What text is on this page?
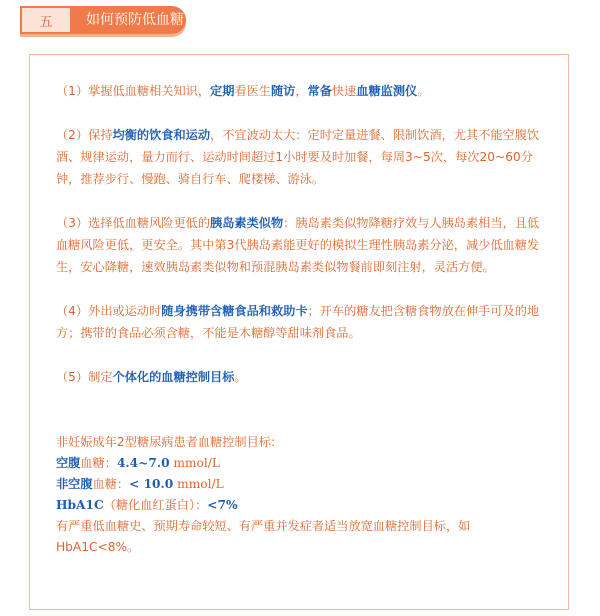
五	如何预防低血糖

（1）掌握低血糖相关知识，定期看医生随访，常备快速血糖监测仪。

（2）保持均衡的饮食和运动，不宜波动太大：定时定量进餐、限制饮酒，尤其不能空腹饮酒、规律运动，量力而行、运动时间超过1小时要及时加餐，每周3~5次，每次20~60分钟，推荐步行、慢跑、骑自行车、爬楼梯、游泳。

（3）选择低血糖风险更低的胰岛素类似物：胰岛素类似物降糖疗效与人胰岛素相当，且低血糖风险更低，更安全。其中第3代胰岛素能更好的模拟生理性胰岛素分泌，减少低血糖发生，安心降糖，速效胰岛素类似物和预混胰岛素类似物餐前即刻注射，灵活方便。

（4）外出或运动时随身携带含糖食品和救助卡；开车的糖友把含糖食物放在伸手可及的地方；携带的食品必须含糖，不能是木糖醇等甜味剂食品。

（5）制定个体化的血糖控制目标。

非妊娠成年2型糖尿病患者血糖控制目标:
空腹血糖：4.4~7.0 mmol/L
非空腹血糖：< 10.0 mmol/L
HbA1C（糖化血红蛋白）：<7%
有严重低血糖史、预期寿命较短、有严重并发症者适当放宽血糖控制目标，如HbA1C<8%。
